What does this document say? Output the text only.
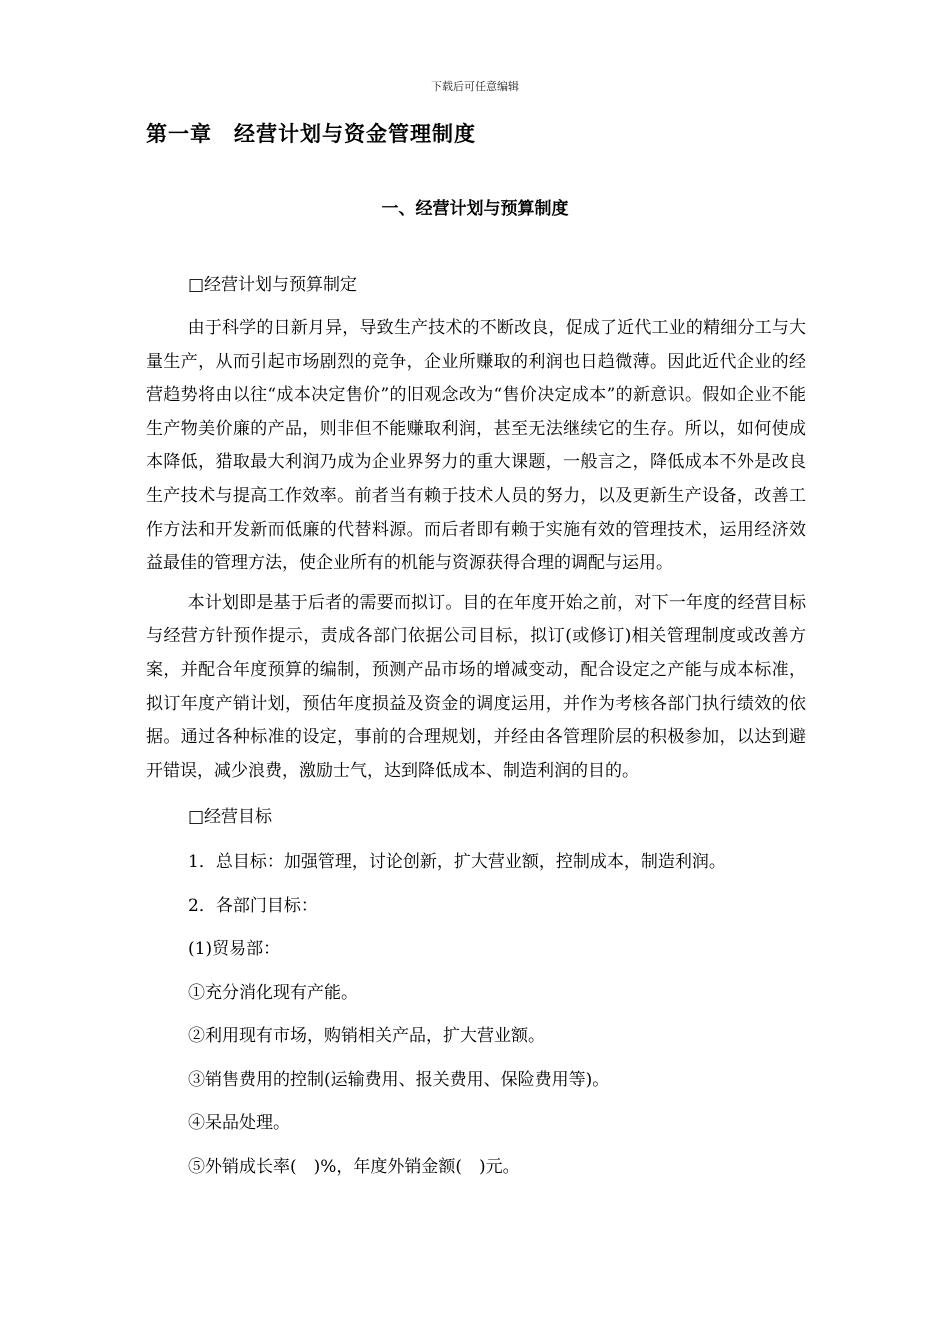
下载后可任意编辑
第一章 经营计划与资金管理制度
一、经营计划与预算制度

□经营计划与预算制定

由于科学的日新月异，导致生产技术的不断改良，促成了近代工业的精细分工与大量生产，从而引起市场剧烈的竞争，企业所赚取的利润也日趋微薄。因此近代企业的经营趋势将由以往“成本决定售价”的旧观念改为“售价决定成本”的新意识。假如企业不能生产物美价廉的产品，则非但不能赚取利润，甚至无法继续它的生存。所以，如何使成本降低，猎取最大利润乃成为企业界努力的重大课题，一般言之，降低成本不外是改良生产技术与提高工作效率。前者当有赖于技术人员的努力，以及更新生产设备，改善工作方法和开发新而低廉的代替料源。而后者即有赖于实施有效的管理技术，运用经济效益最佳的管理方法，使企业所有的机能与资源获得合理的调配与运用。

本计划即是基于后者的需要而拟订。目的在年度开始之前，对下一年度的经营目标与经营方针预作提示，责成各部门依据公司目标，拟订(或修订)相关管理制度或改善方案，并配合年度预算的编制，预测产品市场的增减变动，配合设定之产能与成本标准，拟订年度产销计划，预估年度损益及资金的调度运用，并作为考核各部门执行绩效的依据。通过各种标准的设定，事前的合理规划，并经由各管理阶层的积极参加，以达到避开错误，减少浪费，激励士气，达到降低成本、制造利润的目的。

□经营目标

1．总目标：加强管理，讨论创新，扩大营业额，控制成本，制造利润。

2．各部门目标：

(1)贸易部：

①充分消化现有产能。

②利用现有市场，购销相关产品，扩大营业额。

③销售费用的控制(运输费用、报关费用、保险费用等)。

④呆品处理。

⑤外销成长率(　)%，年度外销金额(　)元。
